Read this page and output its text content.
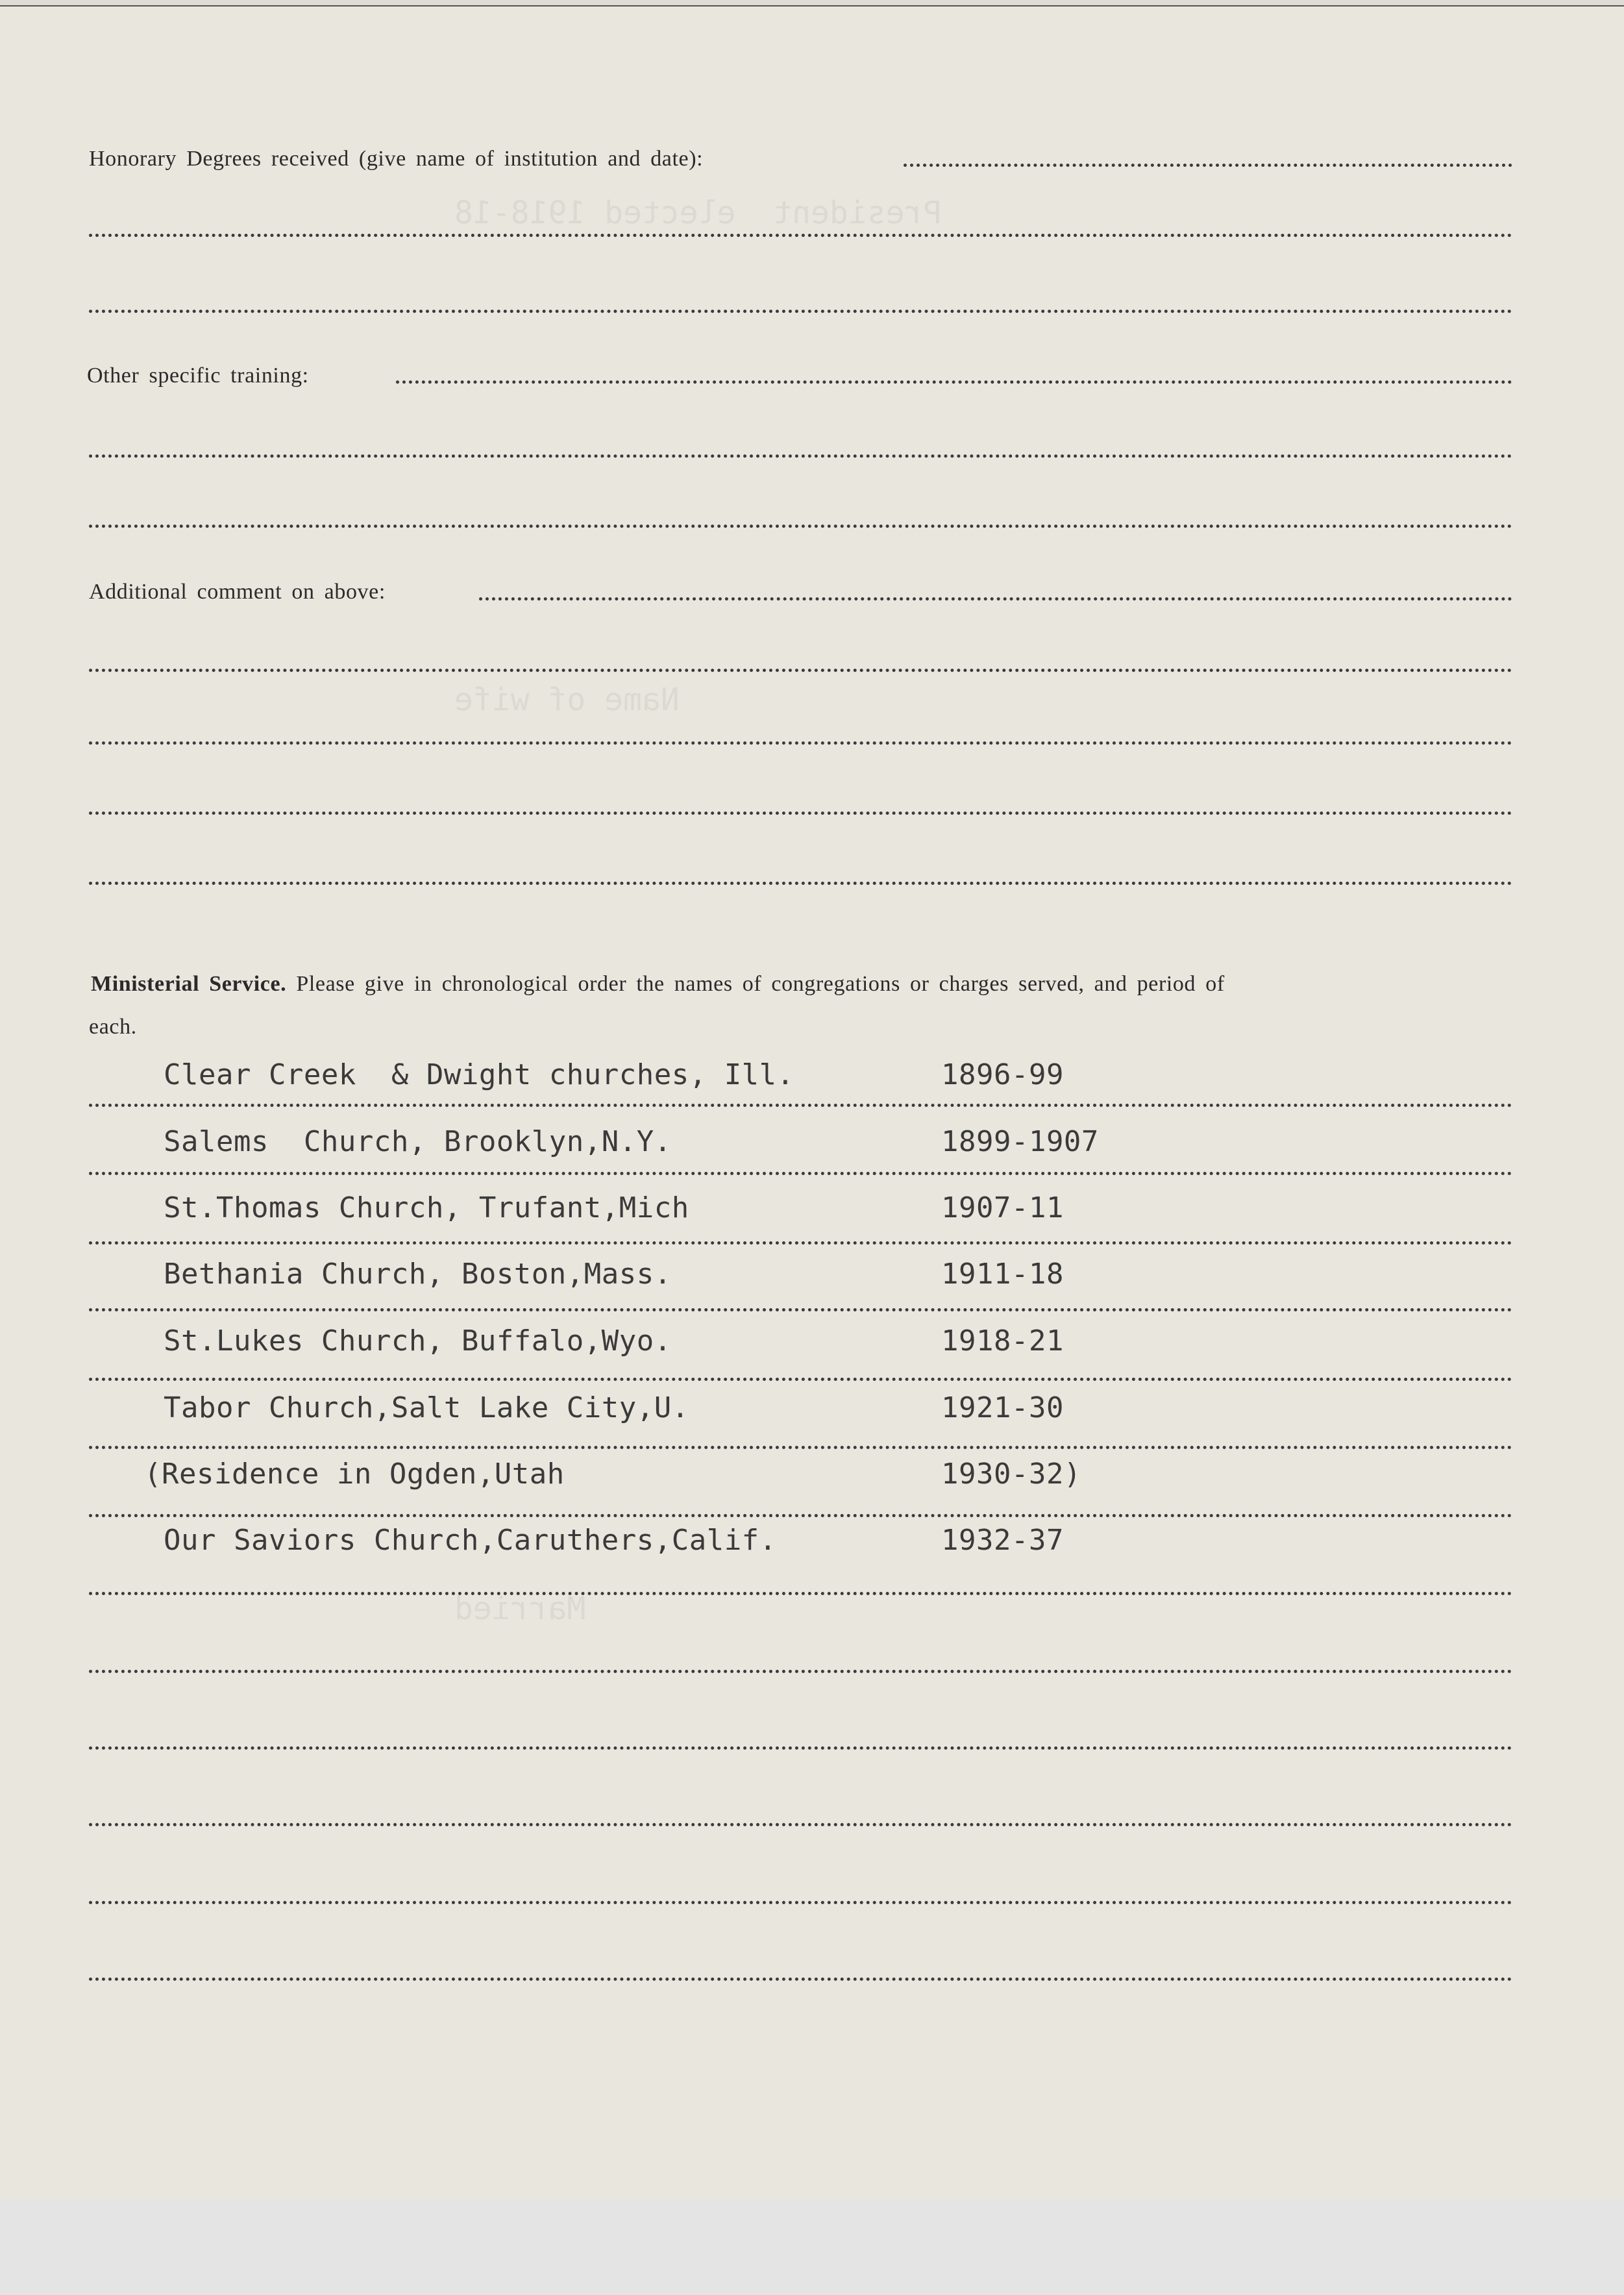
President  elected 1918-18
Name of wife
Married
Honorary Degrees received (give name of institution and date):
Other specific training:
Additional comment on above:
Ministerial Service. Please give in chronological order the names of congregations or charges served, and period of
each.
Clear Creek  & Dwight churches, Ill.	1896-99
Salems  Church, Brooklyn,N.Y.	1899-1907
St.Thomas Church, Trufant,Mich	1907-11
Bethania Church, Boston,Mass.	1911-18
St.Lukes Church, Buffalo,Wyo.	1918-21
Tabor Church,Salt Lake City,U.	1921-30
(Residence in Ogden,Utah	1930-32)
Our Saviors Church,Caruthers,Calif.	1932-37
